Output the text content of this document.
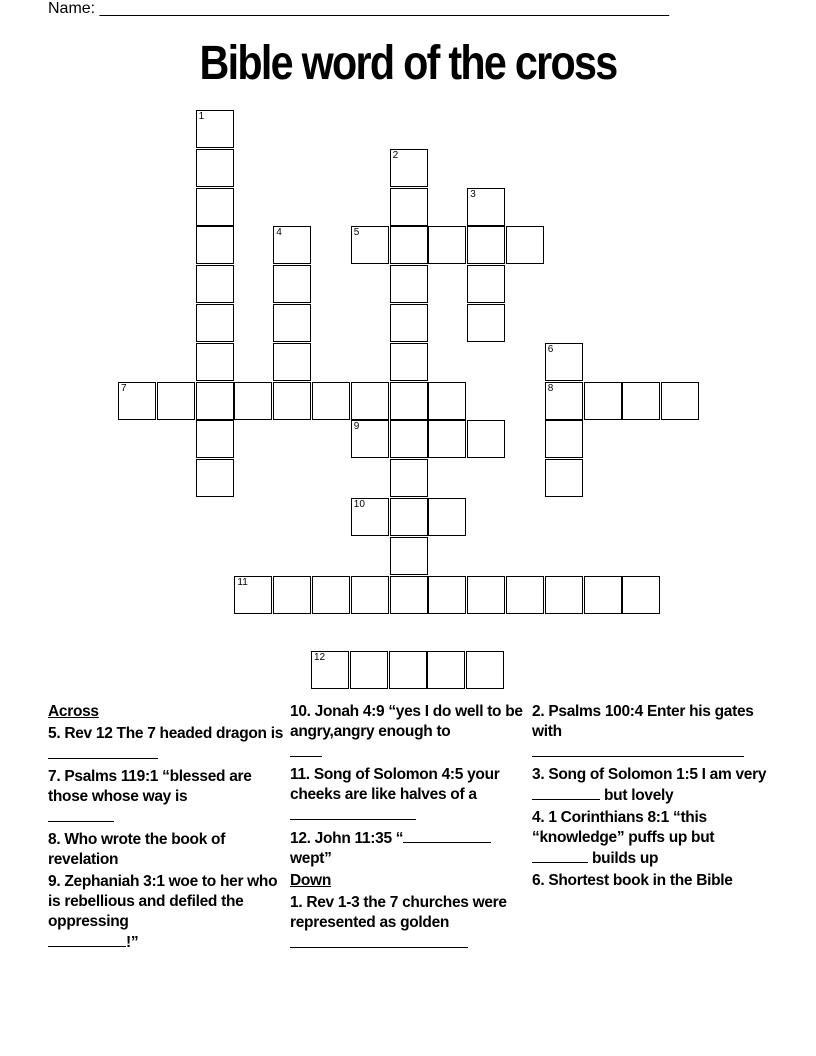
Name: ________________________________________________________________
Bible word of the cross
1
2
3
4
6
8
5
7
9
10
11
12
Across
5. Rev 12 The 7 headed dragon is
7. Psalms 119:1 “blessed are those whose way is

8. Who wrote the book of revelation
9. Zephaniah 3:1 woe to her who is rebellious and defiled the oppressing
!”
10. Jonah 4:9 “yes I do well to be angry,angry enough to

11. Song of Solomon 4:5 your cheeks are like halves of a
12. John 11:35 “
wept”
Down
1. Rev 1-3 the 7 churches were represented as golden

2. Psalms 100:4 Enter his gates with

3. Song of Solomon 1:5 I am very  but lovely
4. 1 Corinthians 8:1 “this “knowledge” puffs up but
builds up
6. Shortest book in the Bible
